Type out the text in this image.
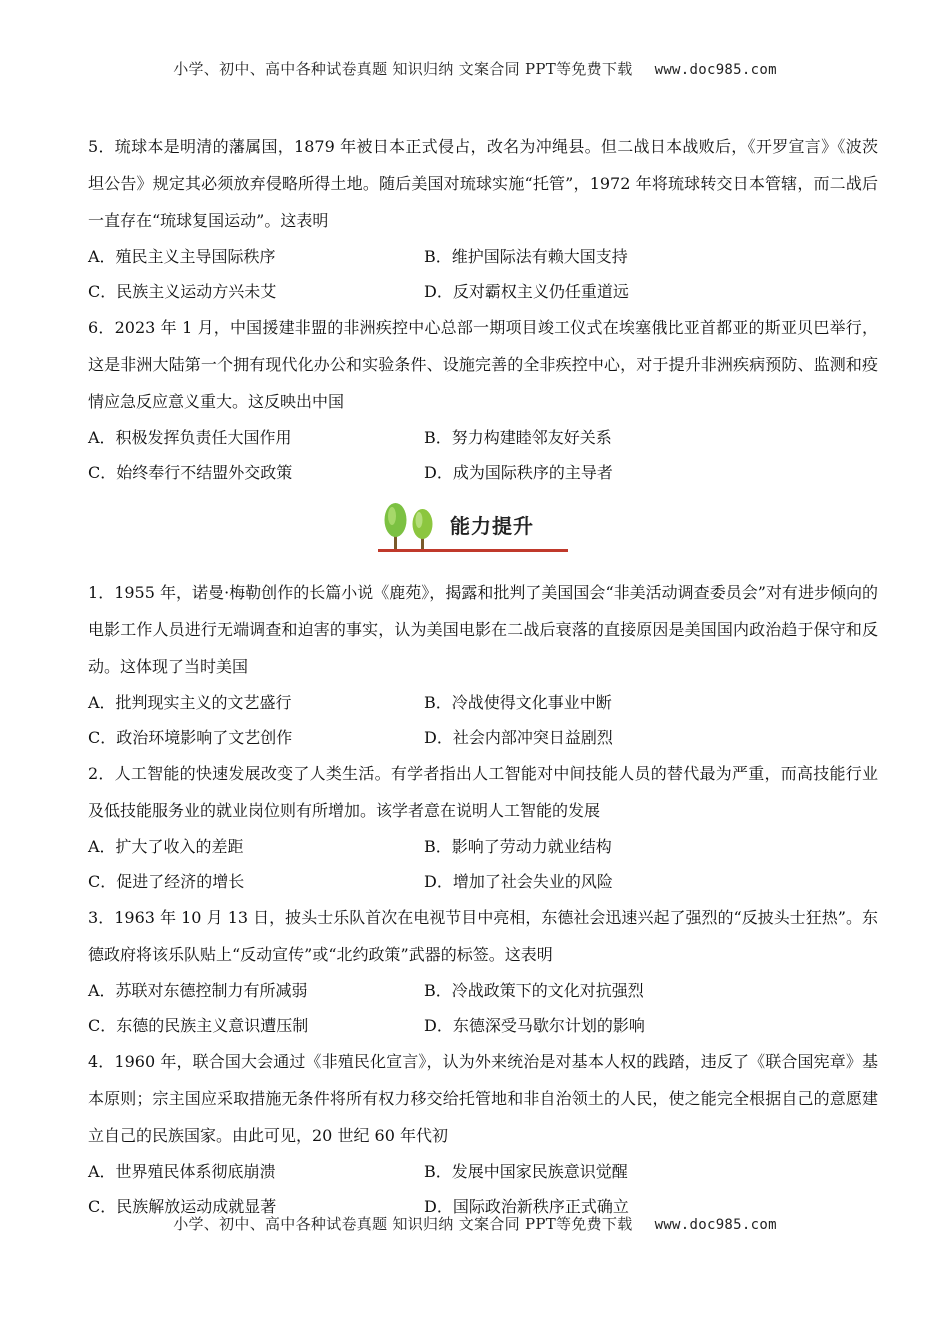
小学、初中、高中各种试卷真题 知识归纳 文案合同 PPT等免费下载 www.doc985.com

5．琉球本是明清的藩属国，1879 年被日本正式侵占，改名为冲绳县。但二战日本战败后，《开罗宣言》《波茨坦公告》规定其必须放弃侵略所得土地。随后美国对琉球实施“托管”，1972 年将琉球转交日本管辖，而二战后一直存在“琉球复国运动”。这表明

A．殖民主义主导国际秩序	B．维护国际法有赖大国支持
C．民族主义运动方兴未艾	D．反对霸权主义仍任重道远

6．2023 年 1 月，中国援建非盟的非洲疾控中心总部一期项目竣工仪式在埃塞俄比亚首都亚的斯亚贝巴举行，这是非洲大陆第一个拥有现代化办公和实验条件、设施完善的全非疾控中心，对于提升非洲疾病预防、监测和疫情应急反应意义重大。这反映出中国

A．积极发挥负责任大国作用	B．努力构建睦邻友好关系
C．始终奉行不结盟外交政策	D．成为国际秩序的主导者
能力提升

1．1955 年，诺曼·梅勒创作的长篇小说《鹿苑》，揭露和批判了美国国会“非美活动调查委员会”对有进步倾向的电影工作人员进行无端调查和迫害的事实，认为美国电影在二战后衰落的直接原因是美国国内政治趋于保守和反动。这体现了当时美国

A．批判现实主义的文艺盛行	B．冷战使得文化事业中断
C．政治环境影响了文艺创作	D．社会内部冲突日益剧烈

2．人工智能的快速发展改变了人类生活。有学者指出人工智能对中间技能人员的替代最为严重，而高技能行业及低技能服务业的就业岗位则有所增加。该学者意在说明人工智能的发展

A．扩大了收入的差距	B．影响了劳动力就业结构
C．促进了经济的增长	D．增加了社会失业的风险

3．1963 年 10 月 13 日，披头士乐队首次在电视节目中亮相，东德社会迅速兴起了强烈的“反披头士狂热”。东德政府将该乐队贴上“反动宣传”或“北约政策”武器的标签。这表明

A．苏联对东德控制力有所减弱	B．冷战政策下的文化对抗强烈
C．东德的民族主义意识遭压制	D．东德深受马歇尔计划的影响

4．1960 年，联合国大会通过《非殖民化宣言》，认为外来统治是对基本人权的践踏，违反了《联合国宪章》基本原则；宗主国应采取措施无条件将所有权力移交给托管地和非自治领土的人民，使之能完全根据自己的意愿建立自己的民族国家。由此可见，20 世纪 60 年代初

A．世界殖民体系彻底崩溃	B．发展中国家民族意识觉醒
C．民族解放运动成就显著	D．国际政治新秩序正式确立
小学、初中、高中各种试卷真题 知识归纳 文案合同 PPT等免费下载 www.doc985.com
